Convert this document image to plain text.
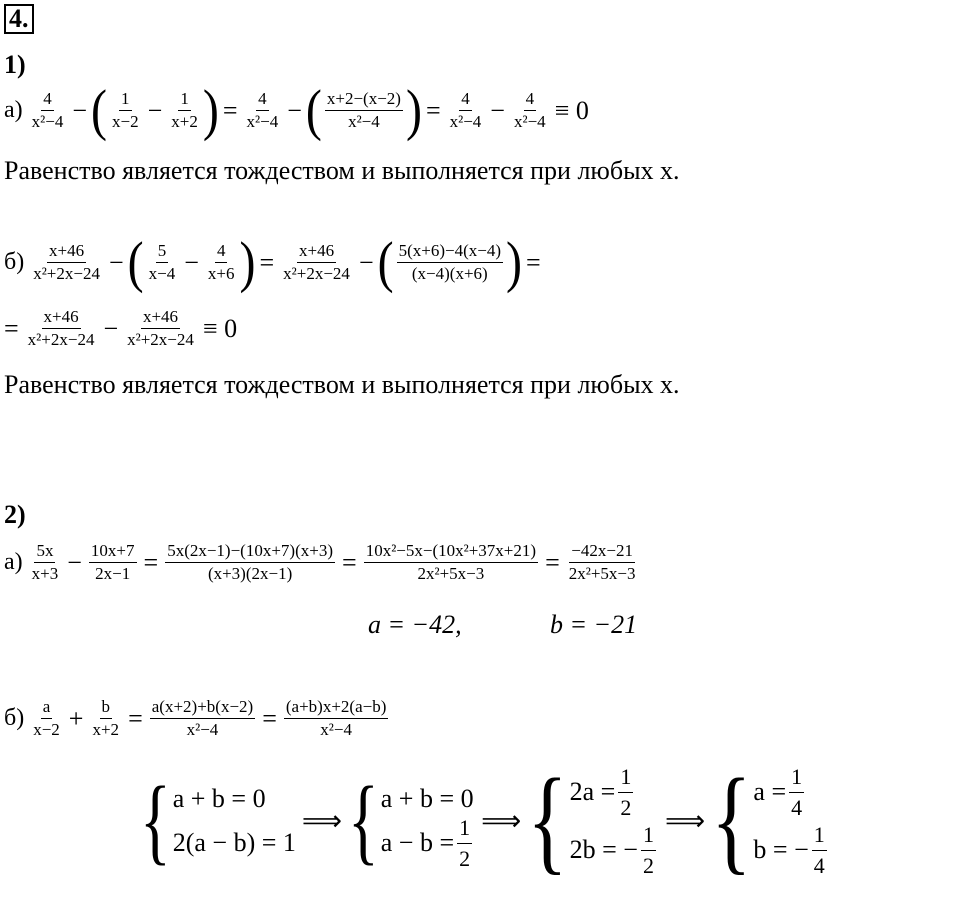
4.
1)
$а) \frac{4}{\text{x²−4}}$ − ( $\frac{1}{x-2} - \frac{1}{x+2}$ ) = $\frac{4}{\text{x²−4}}$ − ( $\frac{x+2-(x-2)}{\text{x²−4}}$ ) = $\frac{4}{\text{x²−4}} - \frac{4}{\text{x²−4}} \equiv 0$
Равенство является тождеством и выполняется при любых x.
$б) \frac{x+46}{\text{x²+2x−24}}$ − ( $\frac{5}{x-4} - \frac{4}{x+6}$ ) = $\frac{x+46}{\text{x²+2x−24}}$ − ( $\frac{5(x+6)-4(x-4)}{(x-4)(x+6)}$ ) =
= $\frac{x+46}{\text{x²+2x−24}} - \frac{x+46}{\text{x²+2x−24}} \equiv 0$
Равенство является тождеством и выполняется при любых x.
2)
$а) \frac{5x}{x+3} - \frac{10x+7}{2x-1} = \frac{5x(2x-1)-(10x+7)(x+3)}{(x+3)(2x-1)} = \frac{\text{10x²−5x−(10x²+37x+21)}}{\text{2x²+5x−3}} = \frac{-42x-21}{\text{2x²+5x−3}}$
a = −42,	b = −21
$б) \frac{a}{x-2} + \frac{b}{x+2} = \frac{a(x+2)+b(x-2)}{\text{x²−4}} = \frac{(a+b)x+2(a-b)}{\text{x²−4}}$
{ a + b = 0
2(a − b) = 1
⟹ { a + b = 0
$a - b = \frac{1}{2}$ ⟹ { $2a = \frac{1}{2}$
2b = − $\frac{1}{2}$ ⟹ { $a = \frac{1}{4}$
b = − $\frac{1}{4}$
